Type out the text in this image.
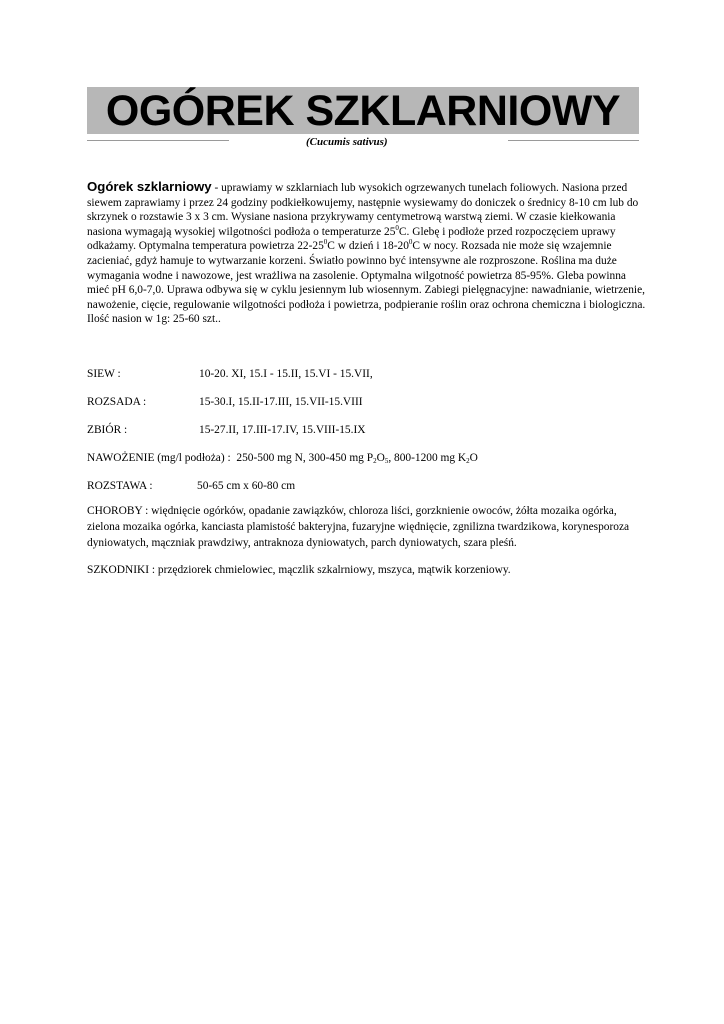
OGÓREK SZKLARNIOWY
(Cucumis sativus)

Ogórek szklarniowy - uprawiamy w szklarniach lub wysokich ogrzewanych tunelach foliowych. Nasiona przed siewem zaprawiamy i przez 24 godziny podkiełkowujemy, następnie wysiewamy do doniczek o średnicy 8-10 cm lub do skrzynek o rozstawie 3 x 3 cm. Wysiane nasiona przykrywamy centymetrową warstwą ziemi. W czasie kiełkowania nasiona wymagają wysokiej wilgotności podłoża o temperaturze $25^0C$. Glebę i podłoże przed rozpoczęciem uprawy odkażamy. Optymalna temperatura powietrza $22-25^0C$ w dzień i $18-20^0C$ w nocy. Rozsada nie może się wzajemnie zacieniać, gdyż hamuje to wytwarzanie korzeni. Światło powinno być intensywne ale rozproszone. Roślina ma duże wymagania wodne i nawozowe, jest wrażliwa na zasolenie. Optymalna wilgotność powietrza 85-95%. Gleba powinna mieć pH 6,0-7,0. Uprawa odbywa się w cyklu jesiennym lub wiosennym. Zabiegi pielęgnacyjne: nawadnianie, wietrzenie, nawożenie, cięcie, regulowanie wilgotności podłoża i powietrza, podpieranie roślin oraz ochrona chemiczna i biologiczna.

Ilość nasion w 1g: 25-60 szt..

SIEW :	10-20. XI, 15.I - 15.II, 15.VI - 15.VII,
ROZSADA :	15-30.I, 15.II-17.III, 15.VII-15.VIII
ZBIÓR :	15-27.II, 17.III-17.IV, 15.VIII-15.IX
NAWOŻENIE (mg/l podłoża) : 250-500 mg N, 300-450 mg $P_2O_5$, 800-1200 mg $K_2O$
ROZSTAWA :	50-65 cm x 60-80 cm

CHOROBY : więdnięcie ogórków, opadanie zawiązków, chloroza liści, gorzknienie owoców, żółta mozaika ogórka, zielona mozaika ogórka, kanciasta plamistość bakteryjna, fuzaryjne więdnięcie, zgnilizna twardzikowa, korynesporoza dyniowatych, mączniak prawdziwy, antraknoza dyniowatych, parch dyniowatych, szara pleśń.

SZKODNIKI : przędziorek chmielowiec, mączlik szkalrniowy, mszyca, mątwik korzeniowy.
